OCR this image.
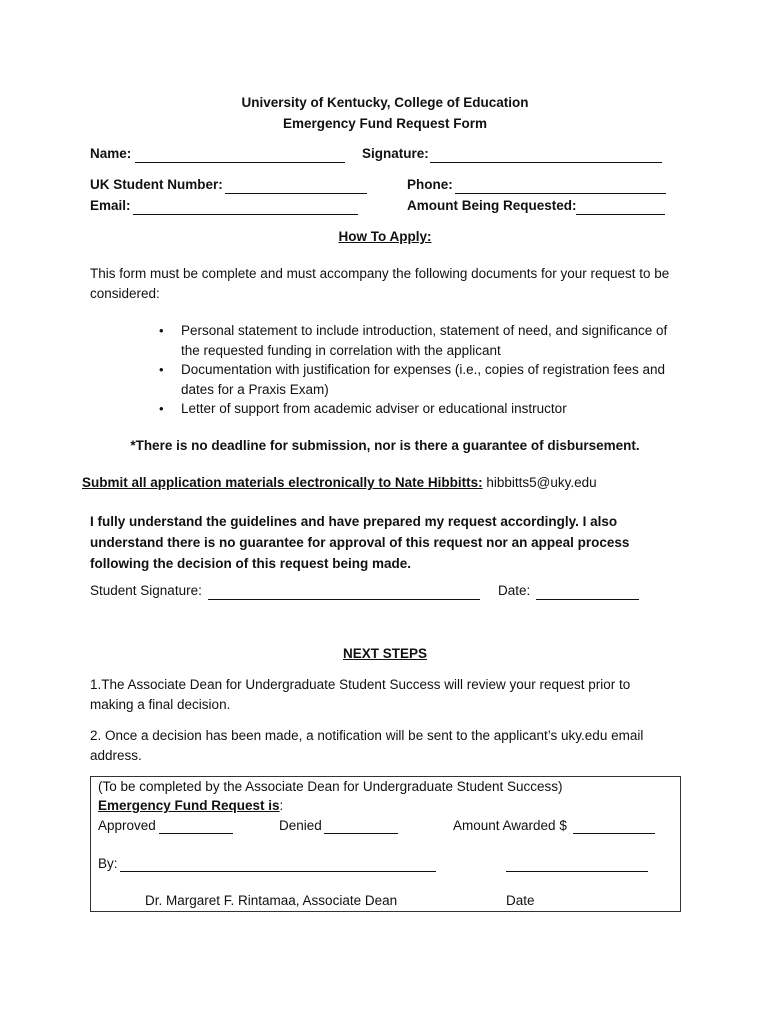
University of Kentucky, College of Education
Emergency Fund Request Form
Name:	Signature:
UK Student Number:	Phone:
Email:	Amount Being Requested:
How To Apply:
This form must be complete and must accompany the following documents for your request to be considered:
• Personal statement to include introduction, statement of need, and significance of the requested funding in correlation with the applicant
• Documentation with justification for expenses (i.e., copies of registration fees and dates for a Praxis Exam)
• Letter of support from academic adviser or educational instructor
*There is no deadline for submission, nor is there a guarantee of disbursement.
Submit all application materials electronically to Nate Hibbitts: hibbitts5@uky.edu
I fully understand the guidelines and have prepared my request accordingly. I also understand there is no guarantee for approval of this request nor an appeal process following the decision of this request being made.
Student Signature:	Date:
NEXT STEPS
1.The Associate Dean for Undergraduate Student Success will review your request prior to making a final decision.
2. Once a decision has been made, a notification will be sent to the applicant’s uky.edu email address.
(To be completed by the Associate Dean for Undergraduate Student Success)
Emergency Fund Request is:
Approved	Denied	Amount Awarded $
By:
Dr. Margaret F. Rintamaa, Associate Dean	Date
